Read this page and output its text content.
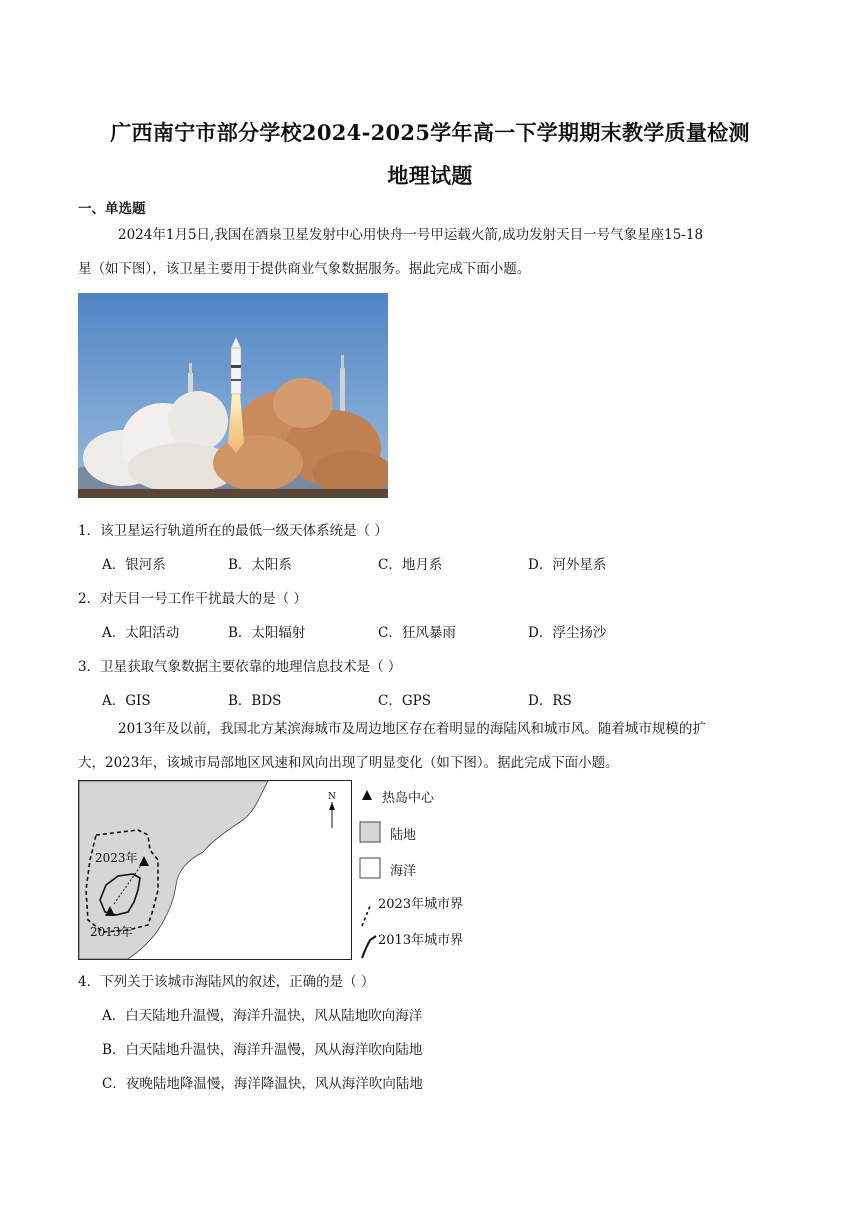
广西南宁市部分学校2024-2025学年高一下学期期末教学质量检测
地理试题
一、单选题
2024年1月5日,我国在酒泉卫星发射中心用快舟一号甲运载火箭,成功发射天目一号气象星座15-18
星（如下图），该卫星主要用于提供商业气象数据服务。据此完成下面小题。
1．该卫星运行轨道所在的最低一级天体系统是（ ）
A．银河系	B．太阳系	C．地月系	D．河外星系
2．对天目一号工作干扰最大的是（ ）
A．太阳活动	B．太阳辐射	C．狂风暴雨	D．浮尘扬沙
3．卫星获取气象数据主要依靠的地理信息技术是（ ）
A．GIS	B．BDS	C．GPS	D．RS
2013年及以前，我国北方某滨海城市及周边地区存在着明显的海陆风和城市风。随着城市规模的扩
大，2023年，该城市局部地区风速和风向出现了明显变化（如下图）。据此完成下面小题。
2023年
2013年
N	热岛中心
陆地
海洋
2023年城市界
2013年城市界
4．下列关于该城市海陆风的叙述，正确的是（ ）
A．白天陆地升温慢，海洋升温快，风从陆地吹向海洋
B．白天陆地升温快，海洋升温慢，风从海洋吹向陆地
C．夜晚陆地降温慢，海洋降温快，风从海洋吹向陆地
